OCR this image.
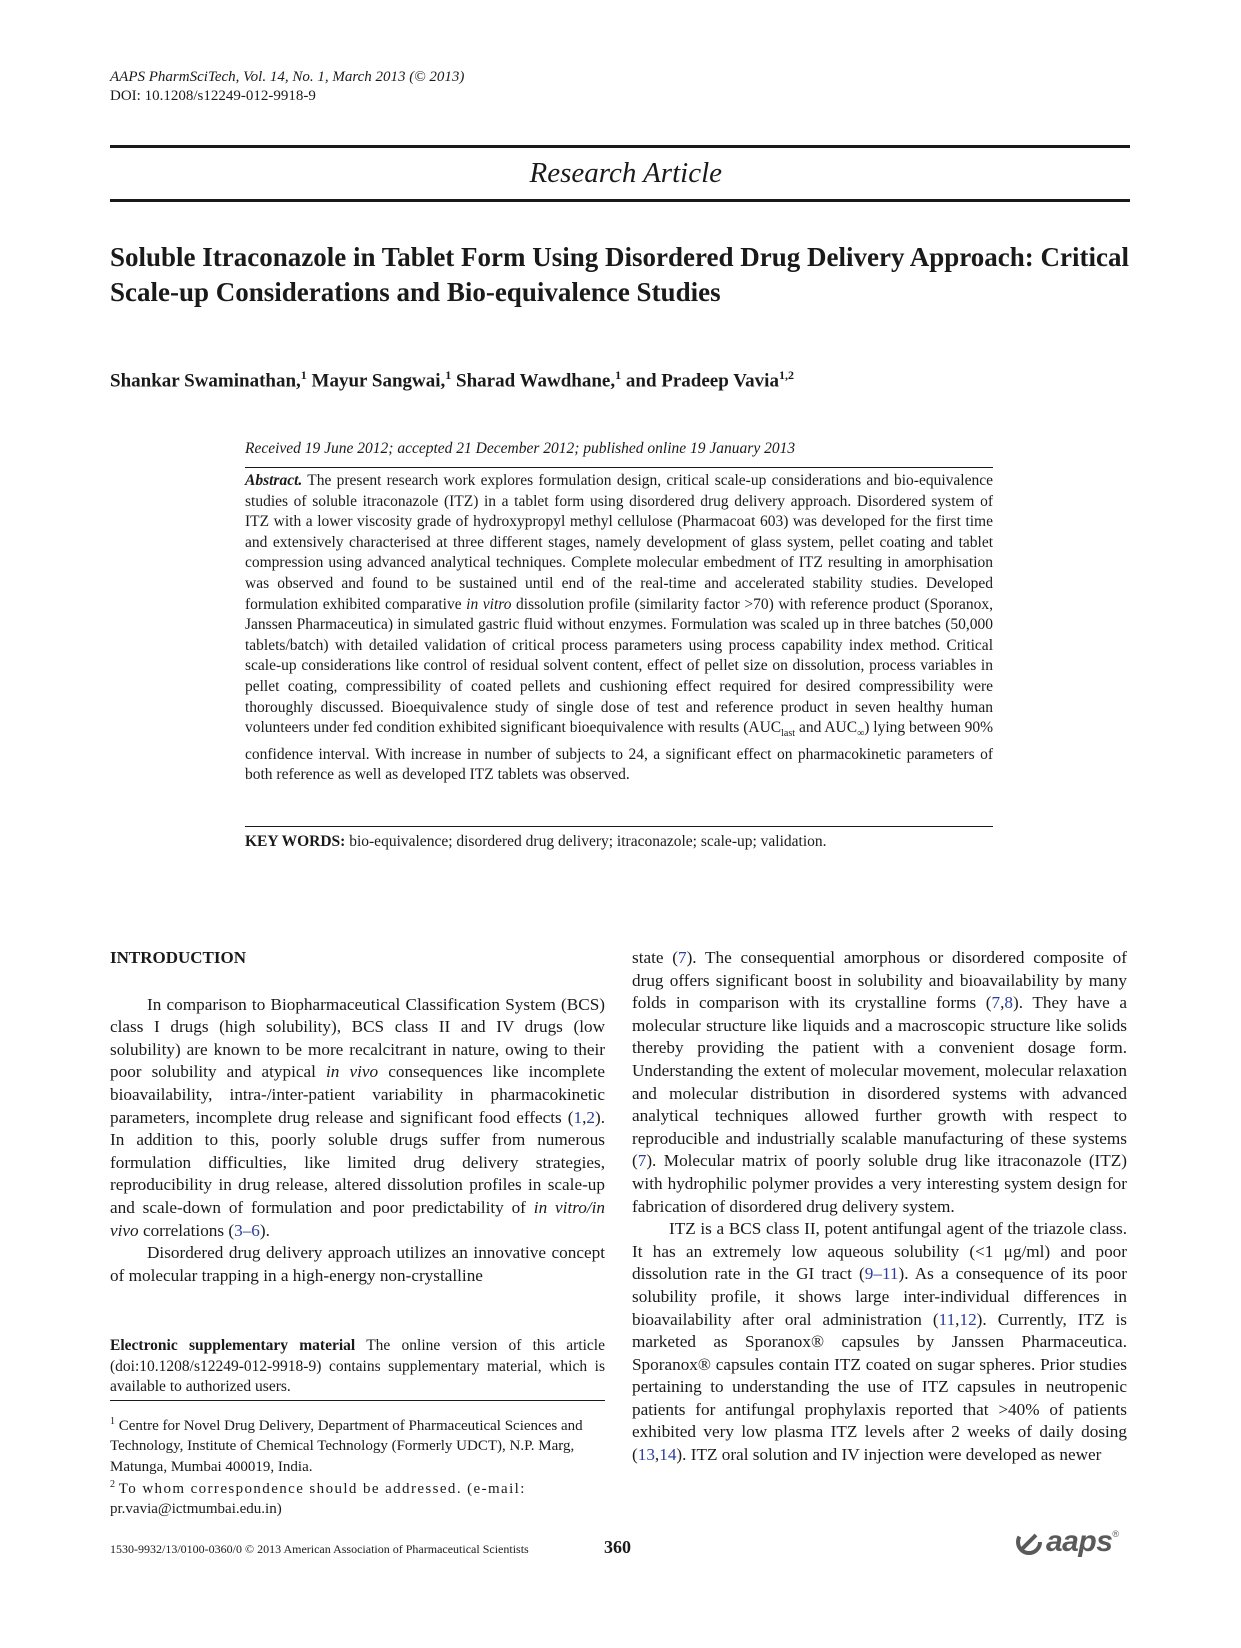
AAPS PharmSciTech, Vol. 14, No. 1, March 2013 (© 2013)
DOI: 10.1208/s12249-012-9918-9
Research Article
Soluble Itraconazole in Tablet Form Using Disordered Drug Delivery Approach: Critical Scale-up Considerations and Bio-equivalence Studies
Shankar Swaminathan,$^1$ Mayur Sangwai,$^1$ Sharad Wawdhane,$^1$ and Pradeep Vavia$^{1,2}$
Received 19 June 2012; accepted 21 December 2012; published online 19 January 2013
Abstract. The present research work explores formulation design, critical scale-up considerations and bio-equivalence studies of soluble itraconazole (ITZ) in a tablet form using disordered drug delivery approach. Disordered system of ITZ with a lower viscosity grade of hydroxypropyl methyl cellulose (Pharmacoat 603) was developed for the first time and extensively characterised at three different stages, namely development of glass system, pellet coating and tablet compression using advanced analytical techniques. Complete molecular embedment of ITZ resulting in amorphisation was observed and found to be sustained until end of the real-time and accelerated stability studies. Developed formulation exhibited comparative in vitro dissolution profile (similarity factor >70) with reference product (Sporanox, Janssen Pharmaceutica) in simulated gastric fluid without enzymes. Formulation was scaled up in three batches (50,000 tablets/batch) with detailed validation of critical process parameters using process capability index method. Critical scale-up considerations like control of residual solvent content, effect of pellet size on dissolution, process variables in pellet coating, compressibility of coated pellets and cushioning effect required for desired compressibility were thoroughly discussed. Bioequivalence study of single dose of test and reference product in seven healthy human volunteers under fed condition exhibited significant bioequivalence with results ($AUC_{last}$ and $AUC_\infty$) lying between 90% confidence interval. With increase in number of subjects to 24, a significant effect on pharmacokinetic parameters of both reference as well as developed ITZ tablets was observed.
KEY WORDS: bio-equivalence; disordered drug delivery; itraconazole; scale-up; validation.

INTRODUCTION

In comparison to Biopharmaceutical Classification System (BCS) class I drugs (high solubility), BCS class II and IV drugs (low solubility) are known to be more recalcitrant in nature, owing to their poor solubility and atypical in vivo consequences like incomplete bioavailability, intra-/inter-patient variability in pharmacokinetic parameters, incomplete drug release and significant food effects (1,2). In addition to this, poorly soluble drugs suffer from numerous formulation difficulties, like limited drug delivery strategies, reproducibility in drug release, altered dissolution profiles in scale-up and scale-down of formulation and poor predictability of in vitro/in vivo correlations (3–6).

Disordered drug delivery approach utilizes an innovative concept of molecular trapping in a high-energy non-crystalline

Electronic supplementary material The online version of this article (doi:10.1208/s12249-012-9918-9) contains supplementary material, which is available to authorized users.
$^1$ Centre for Novel Drug Delivery, Department of Pharmaceutical Sciences and Technology, Institute of Chemical Technology (Formerly UDCT), N.P. Marg, Matunga, Mumbai 400019, India.
$^2$ To whom correspondence should be addressed. (e-mail: pr.vavia@ictmumbai.edu.in)

state (7). The consequential amorphous or disordered composite of drug offers significant boost in solubility and bioavailability by many folds in comparison with its crystalline forms (7,8). They have a molecular structure like liquids and a macroscopic structure like solids thereby providing the patient with a convenient dosage form. Understanding the extent of molecular movement, molecular relaxation and molecular distribution in disordered systems with advanced analytical techniques allowed further growth with respect to reproducible and industrially scalable manufacturing of these systems (7). Molecular matrix of poorly soluble drug like itraconazole (ITZ) with hydrophilic polymer provides a very interesting system design for fabrication of disordered drug delivery system.

ITZ is a BCS class II, potent antifungal agent of the triazole class. It has an extremely low aqueous solubility (<1 μg/ml) and poor dissolution rate in the GI tract (9–11). As a consequence of its poor solubility profile, it shows large inter-individual differences in bioavailability after oral administration (11,12). Currently, ITZ is marketed as Sporanox® capsules by Janssen Pharmaceutica. Sporanox® capsules contain ITZ coated on sugar spheres. Prior studies pertaining to understanding the use of ITZ capsules in neutropenic patients for antifungal prophylaxis reported that >40% of patients exhibited very low plasma ITZ levels after 2 weeks of daily dosing (13,14). ITZ oral solution and IV injection were developed as newer

1530-9932/13/0100-0360/0 © 2013 American Association of Pharmaceutical Scientists	360	aaps ®
